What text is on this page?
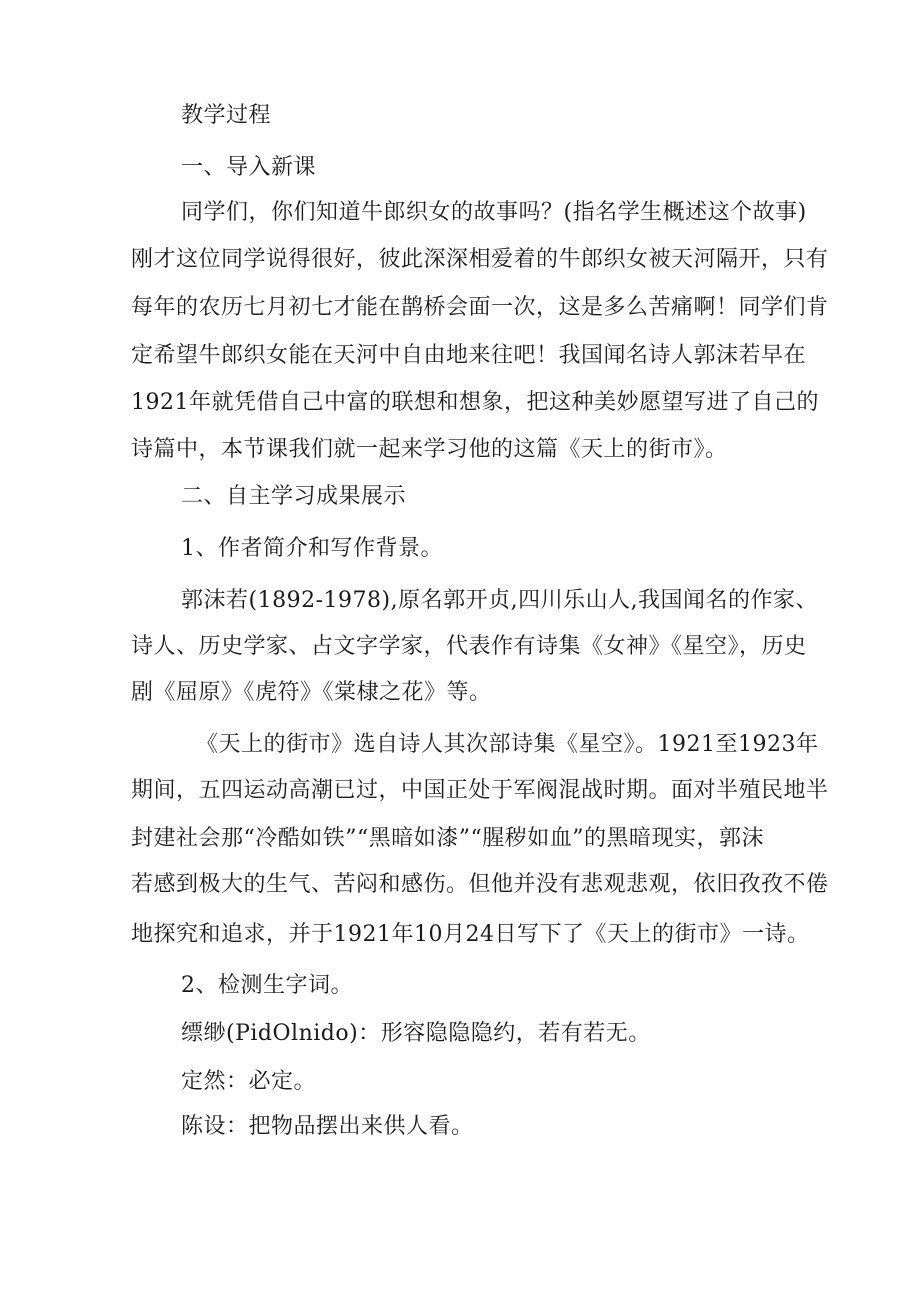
教学过程
一、导入新课
同学们，你们知道牛郎织女的故事吗？(指名学生概述这个故事)
刚才这位同学说得很好，彼此深深相爱着的牛郎织女被天河隔开，只有
每年的农历七月初七才能在鹊桥会面一次，这是多么苦痛啊！同学们肯
定希望牛郎织女能在天河中自由地来往吧！我国闻名诗人郭沫若早在
1921年就凭借自己中富的联想和想象，把这种美妙愿望写进了自己的
诗篇中，本节课我们就一起来学习他的这篇《天上的街市》。
二、自主学习成果展示
1、作者简介和写作背景。
郭沫若(1892-1978),原名郭开贞,四川乐山人,我国闻名的作家、
诗人、历史学家、占文字学家，代表作有诗集《女神》《星空》，历史
剧《屈原》《虎符》《棠棣之花》等。
《天上的街市》选自诗人其次部诗集《星空》。1921至1923年
期间，五四运动高潮已过，中国正处于军阀混战时期。面对半殖民地半
封建社会那“冷酷如铁”“黑暗如漆”“腥秽如血”的黑暗现实，郭沫
若感到极大的生气、苦闷和感伤。但他并没有悲观悲观，依旧孜孜不倦
地探究和追求，并于1921年10月24日写下了《天上的街市》一诗。
2、检测生字词。
缥缈(PidOlnido)：形容隐隐隐约，若有若无。
定然：必定。
陈设：把物品摆出来供人看。
